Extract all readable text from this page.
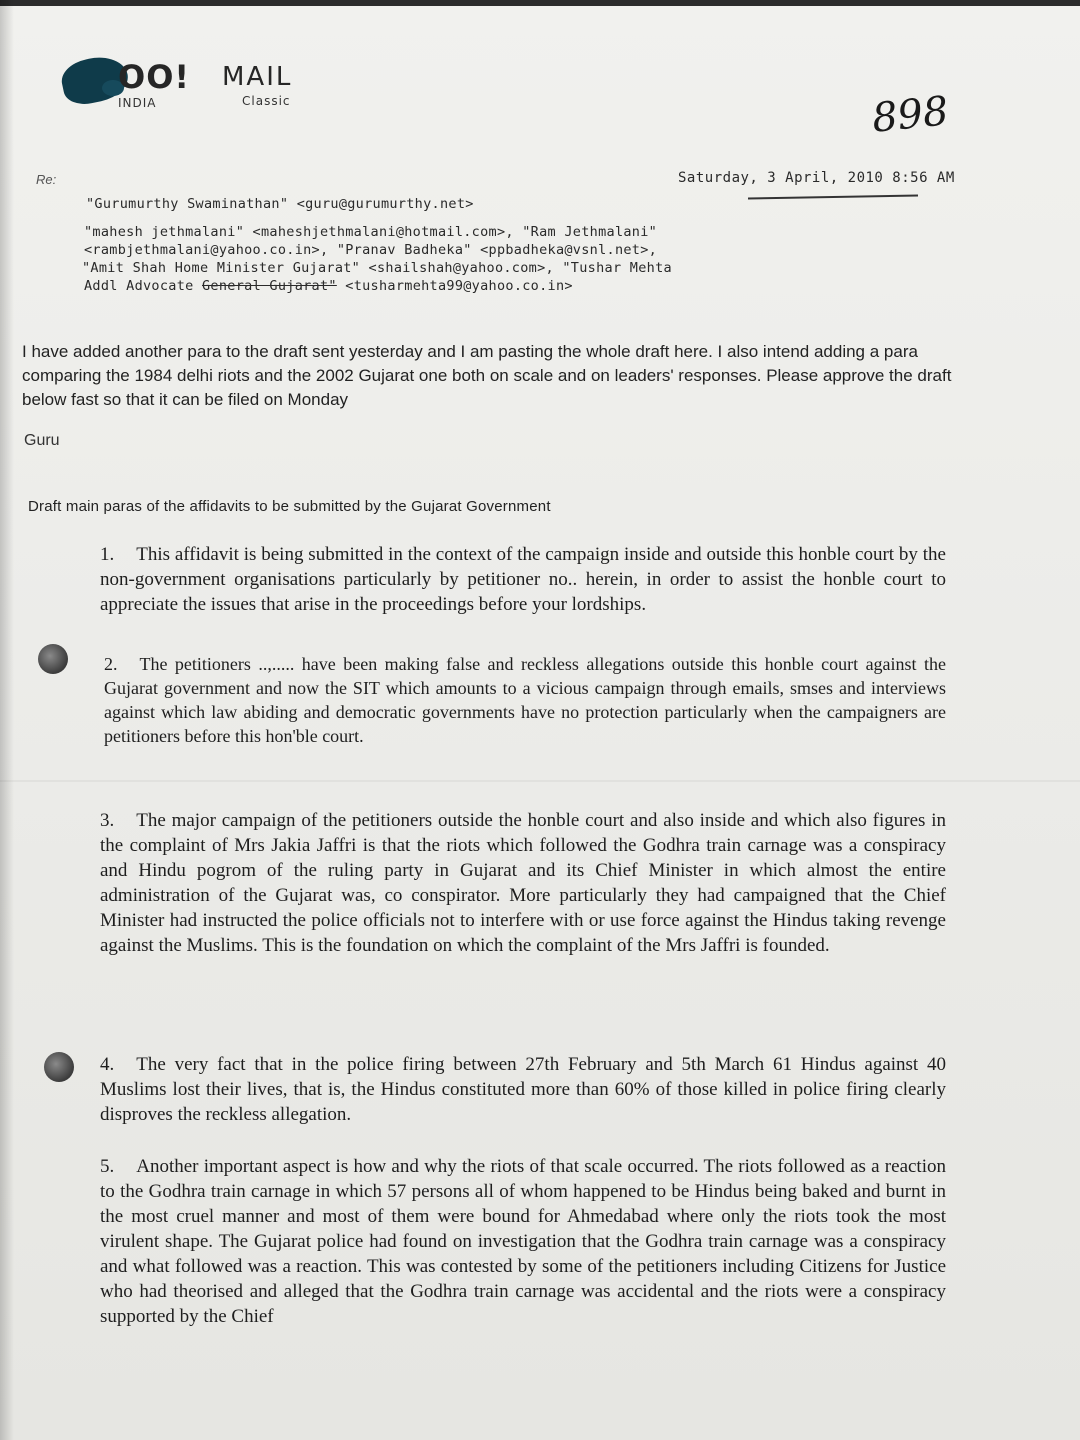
OO! MAIL
INDIA	Classic	898
Re:	Saturday, 3 April, 2010 8:56 AM
"Gurumurthy Swaminathan" <guru@gurumurthy.net>
"mahesh jethmalani" <maheshjethmalani@hotmail.com>, "Ram Jethmalani"
<rambjethmalani@yahoo.co.in>, "Pranav Badheka" <ppbadheka@vsnl.net>,
"Amit Shah Home Minister Gujarat" <shailshah@yahoo.com>, "Tushar Mehta
Addl Advocate General Gujarat" <tusharmehta99@yahoo.co.in>
I have added another para to the draft sent yesterday and I am pasting the whole draft here. I also intend adding a para comparing the 1984 delhi riots and the 2002 Gujarat one both on scale and on leaders' responses. Please approve the draft below fast so that it can be filed on Monday
Guru
Draft main paras of the affidavits to be submitted by the Gujarat Government
1. This affidavit is being submitted in the context of the campaign inside and outside this honble court by the non-government organisations particularly by petitioner no.. herein, in order to assist the honble court to appreciate the issues that arise in the proceedings before your lordships.
2. The petitioners ..,..... have been making false and reckless allegations outside this honble court against the Gujarat government and now the SIT which amounts to a vicious campaign through emails, smses and interviews against which law abiding and democratic governments have no protection particularly when the campaigners are petitioners before this hon'ble court.
3. The major campaign of the petitioners outside the honble court and also inside and which also figures in the complaint of Mrs Jakia Jaffri is that the riots which followed the Godhra train carnage was a conspiracy and Hindu pogrom of the ruling party in Gujarat and its Chief Minister in which almost the entire administration of the Gujarat was, co conspirator. More particularly they had campaigned that the Chief Minister had instructed the police officials not to interfere with or use force against the Hindus taking revenge against the Muslims. This is the foundation on which the complaint of the Mrs Jaffri is founded.
4. The very fact that in the police firing between 27th February and 5th March 61 Hindus against 40 Muslims lost their lives, that is, the Hindus constituted more than 60% of those killed in police firing clearly disproves the reckless allegation.
5. Another important aspect is how and why the riots of that scale occurred. The riots followed as a reaction to the Godhra train carnage in which 57 persons all of whom happened to be Hindus being baked and burnt in the most cruel manner and most of them were bound for Ahmedabad where only the riots took the most virulent shape. The Gujarat police had found on investigation that the Godhra train carnage was a conspiracy and what followed was a reaction. This was contested by some of the petitioners including Citizens for Justice who had theorised and alleged that the Godhra train carnage was accidental and the riots were a conspiracy supported by the Chief
